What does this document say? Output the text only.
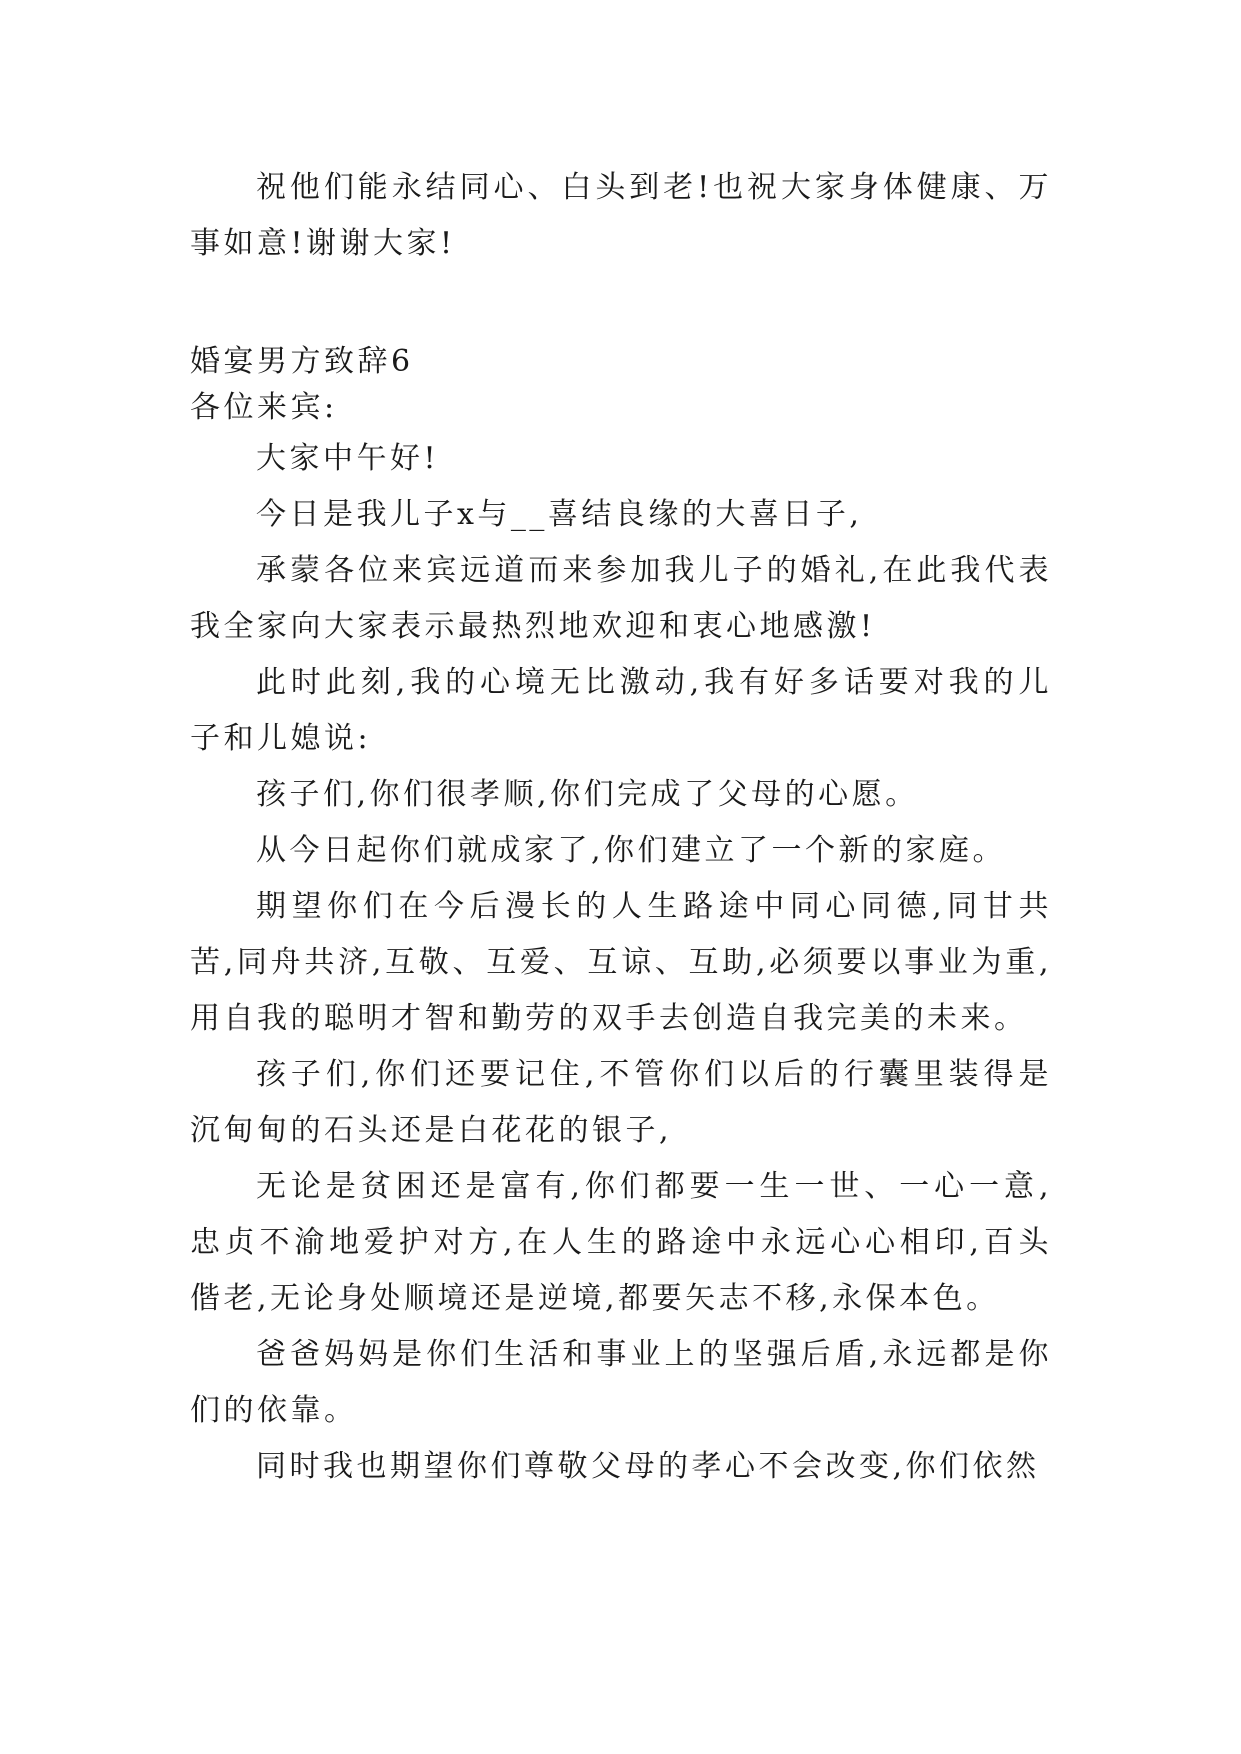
祝他们能永结同心、白头到老!也祝大家身体健康、万事如意!谢谢大家!

婚宴男方致辞6

各位来宾:

大家中午好!

今日是我儿子x与__喜结良缘的大喜日子,

承蒙各位来宾远道而来参加我儿子的婚礼,在此我代表我全家向大家表示最热烈地欢迎和衷心地感激!

此时此刻,我的心境无比激动,我有好多话要对我的儿子和儿媳说:

孩子们,你们很孝顺,你们完成了父母的心愿。

从今日起你们就成家了,你们建立了一个新的家庭。

期望你们在今后漫长的人生路途中同心同德,同甘共苦,同舟共济,互敬、互爱、互谅、互助,必须要以事业为重,用自我的聪明才智和勤劳的双手去创造自我完美的未来。

孩子们,你们还要记住,不管你们以后的行囊里装得是沉甸甸的石头还是白花花的银子,

无论是贫困还是富有,你们都要一生一世、一心一意,忠贞不渝地爱护对方,在人生的路途中永远心心相印,百头偕老,无论身处顺境还是逆境,都要矢志不移,永保本色。

爸爸妈妈是你们生活和事业上的坚强后盾,永远都是你们的依靠。

同时我也期望你们尊敬父母的孝心不会改变,你们依然
